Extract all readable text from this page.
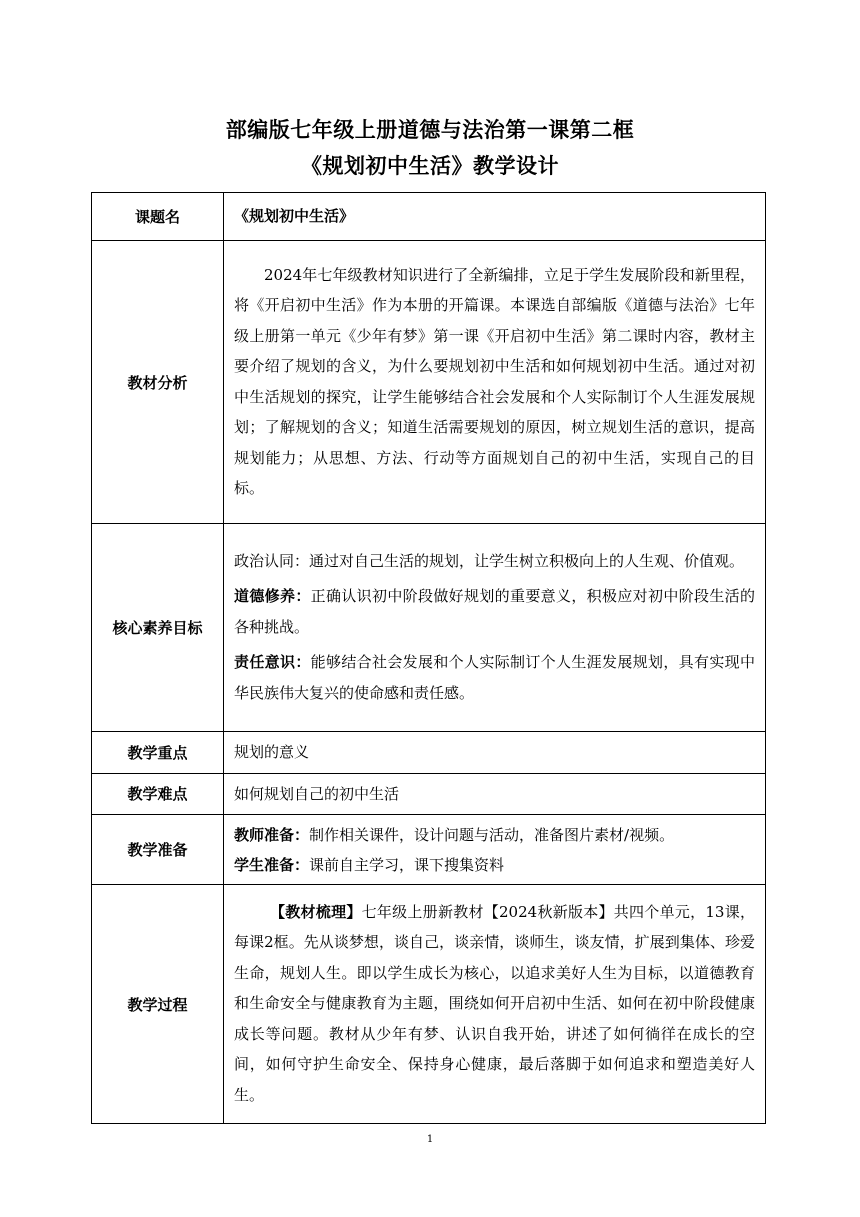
部编版七年级上册道德与法治第一课第二框
《规划初中生活》教学设计
课题名	《规划初中生活》
教材分析	2024年七年级教材知识进行了全新编排，立足于学生发展阶段和新里程，将《开启初中生活》作为本册的开篇课。本课选自部编版《道德与法治》七年级上册第一单元《少年有梦》第一课《开启初中生活》第二课时内容，教材主要介绍了规划的含义，为什么要规划初中生活和如何规划初中生活。通过对初中生活规划的探究，让学生能够结合社会发展和个人实际制订个人生涯发展规划；了解规划的含义；知道生活需要规划的原因，树立规划生活的意识，提高规划能力；从思想、方法、行动等方面规划自己的初中生活，实现自己的目标。

核心素养目标	政治认同：通过对自己生活的规划，让学生树立积极向上的人生观、价值观。

道德修养：正确认识初中阶段做好规划的重要意义，积极应对初中阶段生活的各种挑战。

责任意识：能够结合社会发展和个人实际制订个人生涯发展规划，具有实现中华民族伟大复兴的使命感和责任感。

教学重点	规划的意义
教学难点	如何规划自己的初中生活
教学准备	教师准备：制作相关课件，设计问题与活动，准备图片素材/视频。

学生准备：课前自主学习，课下搜集资料

教学过程	【教材梳理】七年级上册新教材【2024秋新版本】共四个单元，13课，每课2框。先从谈梦想，谈自己，谈亲情，谈师生，谈友情，扩展到集体、珍爱生命，规划人生。即以学生成长为核心，以追求美好人生为目标，以道德教育和生命安全与健康教育为主题，围绕如何开启初中生活、如何在初中阶段健康成长等问题。教材从少年有梦、认识自我开始，讲述了如何徜徉在成长的空间，如何守护生命安全、保持身心健康，最后落脚于如何追求和塑造美好人生。

1
